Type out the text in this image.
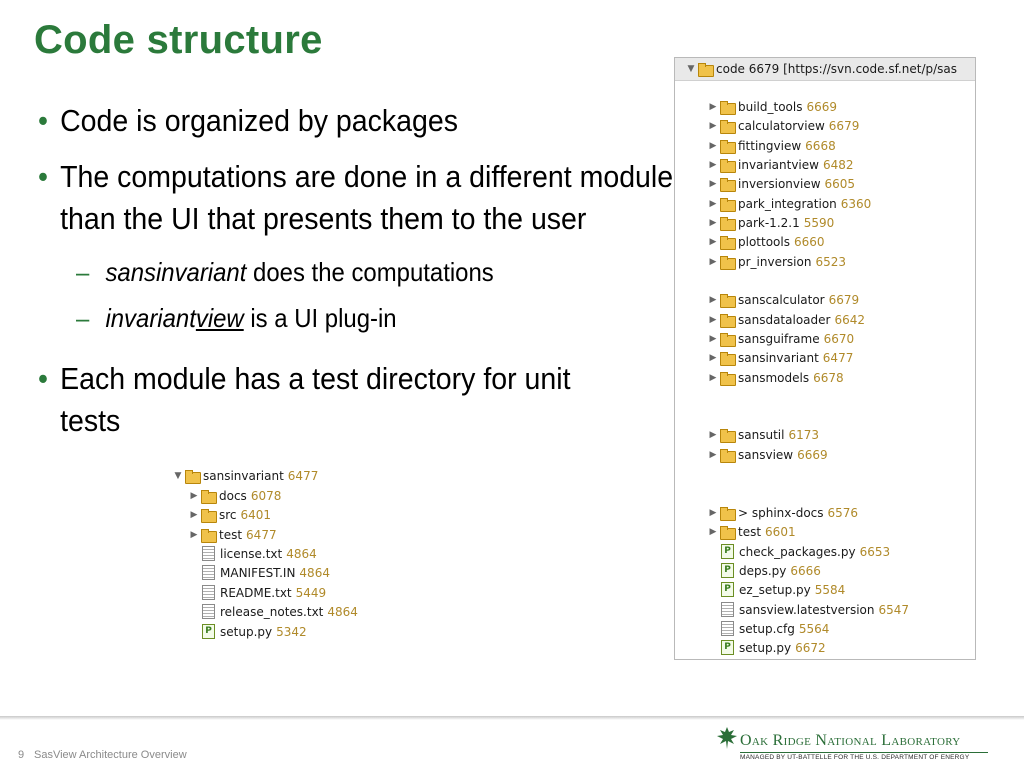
Code structure
• Code is organized by packages
• The computations are done in a different module than the UI that presents them to the user
– sansinvariant does the computations
– invariantview is a UI plug-in
• Each module has a test directory for unit tests
▼ code 6679 [https://svn.code.sf.net/p/sas
▶ build_tools 6669
▶ calculatorview 6679
▶ fittingview 6668
▶ invariantview 6482
▶ inversionview 6605
▶ park_integration 6360
▶ park-1.2.1 5590
▶ plottools 6660
▶ pr_inversion 6523
▶ sanscalculator 6679
▶ sansdataloader 6642
▶ sansguiframe 6670
▶ sansinvariant 6477
▶ sansmodels 6678
▶ sansutil 6173
▶ sansview 6669
▶ > sphinx-docs 6576
▶ test 6601
P check_packages.py 6653
P deps.py 6666
P ez_setup.py 5584
sansview.latestversion 6547
setup.cfg 5564
P setup.py 6672
▼ sansinvariant 6477
▶ docs 6078
▶ src 6401
▶ test 6477
license.txt 4864
MANIFEST.IN 4864
README.txt 5449
release_notes.txt 4864
P setup.py 5342
9 SasView Architecture Overview
Oak Ridge National Laboratory
MANAGED BY UT-BATTELLE FOR THE U.S. DEPARTMENT OF ENERGY
